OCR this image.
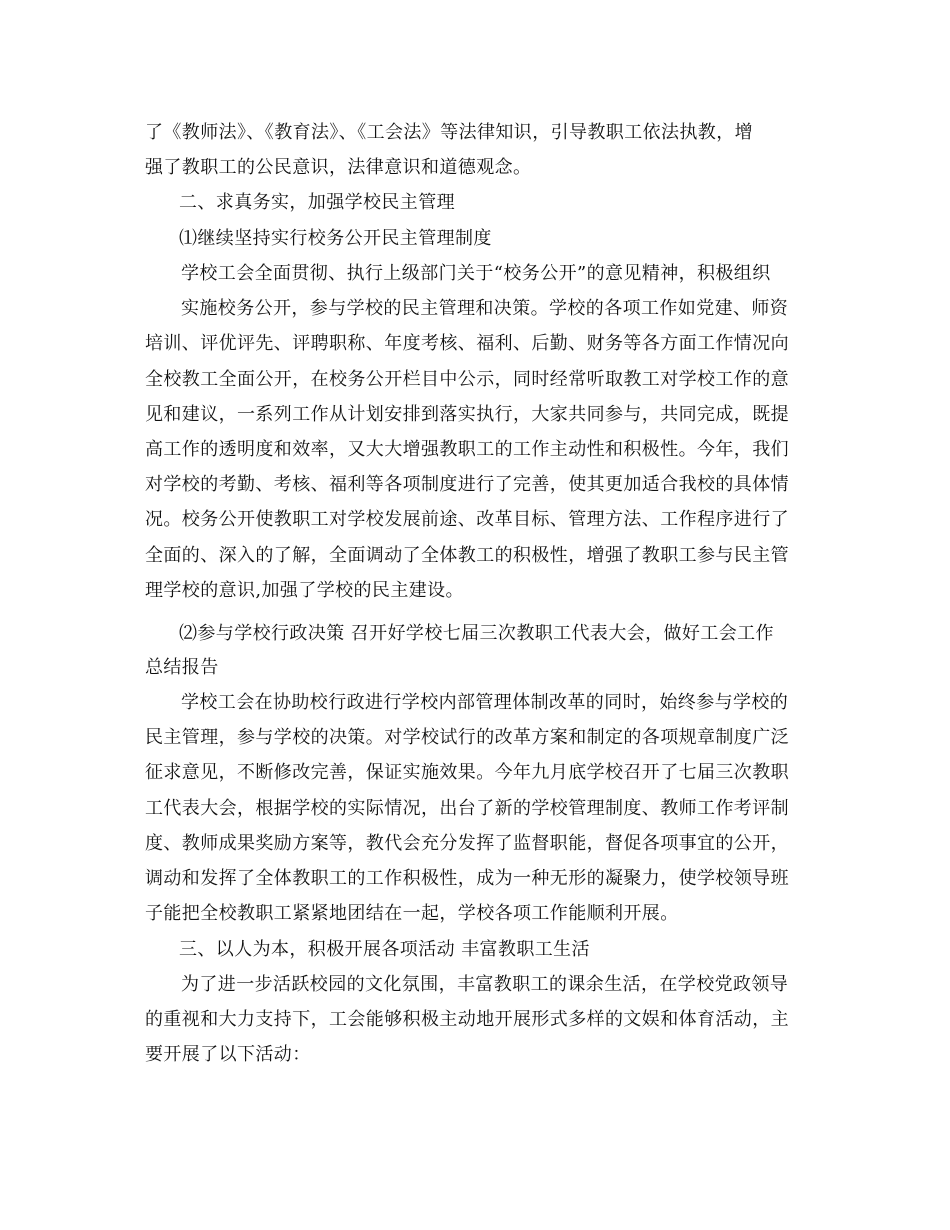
了《教师法》、《教育法》、《工会法》等法律知识，引导教职工依法执教，增
强了教职工的公民意识，法律意识和道德观念。
二、求真务实，加强学校民主管理
⑴继续坚持实行校务公开民主管理制度
学校工会全面贯彻、执行上级部门关于“校务公开”的意见精神，积极组织
实施校务公开，参与学校的民主管理和决策。学校的各项工作如党建、师资
培训、评优评先、评聘职称、年度考核、福利、后勤、财务等各方面工作情况向
全校教工全面公开，在校务公开栏目中公示，同时经常听取教工对学校工作的意
见和建议，一系列工作从计划安排到落实执行，大家共同参与，共同完成，既提
高工作的透明度和效率，又大大增强教职工的工作主动性和积极性。今年，我们
对学校的考勤、考核、福利等各项制度进行了完善，使其更加适合我校的具体情
况。校务公开使教职工对学校发展前途、改革目标、管理方法、工作程序进行了
全面的、深入的了解，全面调动了全体教工的积极性，增强了教职工参与民主管
理学校的意识,加强了学校的民主建设。
⑵参与学校行政决策 召开好学校七届三次教职工代表大会，做好工会工作
总结报告
学校工会在协助校行政进行学校内部管理体制改革的同时，始终参与学校的
民主管理，参与学校的决策。对学校试行的改革方案和制定的各项规章制度广泛
征求意见，不断修改完善，保证实施效果。今年九月底学校召开了七届三次教职
工代表大会，根据学校的实际情况，出台了新的学校管理制度、教师工作考评制
度、教师成果奖励方案等，教代会充分发挥了监督职能，督促各项事宜的公开，
调动和发挥了全体教职工的工作积极性，成为一种无形的凝聚力，使学校领导班
子能把全校教职工紧紧地团结在一起，学校各项工作能顺利开展。
三、以人为本，积极开展各项活动 丰富教职工生活
为了进一步活跃校园的文化氛围，丰富教职工的课余生活，在学校党政领导
的重视和大力支持下，工会能够积极主动地开展形式多样的文娱和体育活动，主
要开展了以下活动：
